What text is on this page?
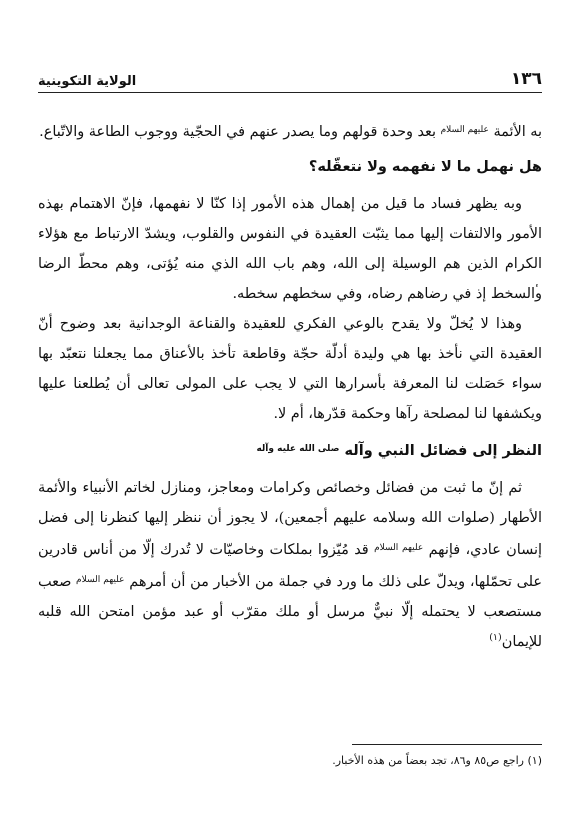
١٣٦
الولاية التكوينية

به الأئمة $^{عليهم السلام}$ بعد وحدة قولهم وما يصدر عنهم في الحجّية ووجوب الطاعة والاتّباع.

هل نهمل ما لا نفهمه ولا نتعقّله؟

وبه يظهر فساد ما قيل من إهمال هذه الأمور إذا كنّا لا نفهمها، فإنّ الاهتمام بهذه الأمور والالتفات إليها مما يثبّت العقيدة في النفوس والقلوب، ويشدّ الارتباط مع هؤلاء الكرام الذين هم الوسيلة إلى الله، وهم باب الله الذي منه يُؤتى، وهم محطّ الرضا والسخط إذ في رضاهم رضاه، وفي سخطهم سخطه.

وهذا لا يُخلّ ولا يقدح بالوعي الفكري للعقيدة والقناعة الوجدانية بعد وضوح أنّ العقيدة التي نأخذ بها هي وليدة أدلّة حجّة وقاطعة تأخذ بالأعناق مما يجعلنا نتعبّد بها سواء حَصَلت لنا المعرفة بأسرارها التي لا يجب على المولى تعالى أن يُطلعنا عليها ويكشفها لنا لمصلحة رآها وحكمة قدّرها، أم لا.

النظر إلى فضائل النبي وآله $^{صلى الله عليه وآله}$

ثم إنّ ما ثبت من فضائل وخصائص وكرامات ومعاجز، ومنازل لخاتم الأنبياء والأئمة الأطهار (صلوات الله وسلامه عليهم أجمعين)، لا يجوز أن ننظر إليها كنظرنا إلى فضل إنسان عادي، فإنهم $^{عليهم السلام}$ قد مُيّزوا بملكات وخاصيّات لا تُدرك إلّا من أناس قادرين على تحمّلها، ويدلّ على ذلك ما ورد في جملة من الأخبار من أن أمرهم $^{عليهم السلام}$ صعب مستصعب لا يحتمله إلّا نبيٌّ مرسل أو ملك مقرّب أو عبد مؤمن امتحن الله قلبه للإيمان$^{(١)}$

(١) راجع ص٨٥ و٨٦، تجد بعضاً من هذه الأخبار.
